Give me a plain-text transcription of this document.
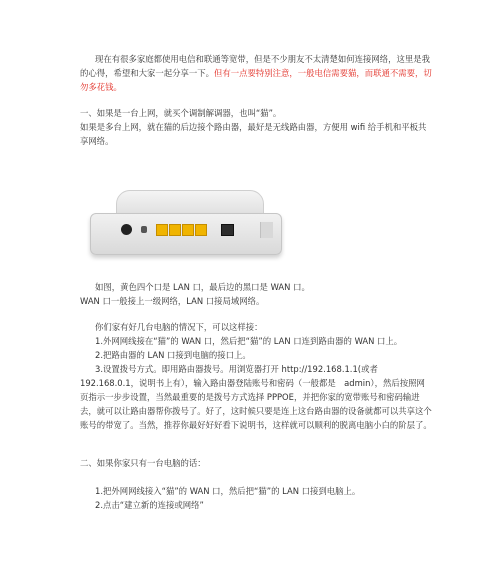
现在有很多家庭都使用电信和联通等宽带，但是不少朋友不太清楚如何连接网络，这里是我的心得，希望和大家一起分享一下。但有一点要特别注意，一般电信需要猫，而联通不需要，切勿多花钱。
一、如果是一台上网，就买个调制解调器，也叫“猫”。
如果是多台上网，就在猫的后边接个路由器，最好是无线路由器，方便用 wifi 给手机和平板共享网络。
如图，黄色四个口是 LAN 口，最后边的黑口是 WAN 口。
WAN 口一般接上一级网络，LAN 口接局域网络。
你们家有好几台电脑的情况下，可以这样接：
1.外网网线接在“猫”的 WAN 口，然后把“猫”的 LAN 口连到路由器的 WAN 口上。
2.把路由器的 LAN 口接到电脑的接口上。
3.设置拨号方式。即用路由器拨号。用浏览器打开 http://192.168.1.1(或者 192.168.0.1，说明书上有），输入路由器登陆账号和密码（一般都是　admin），然后按照网页指示一步步设置，当然最重要的是拨号方式选择 PPPOE，并把你家的宽带账号和密码输进去，就可以让路由器帮你拨号了。好了，这时候只要是连上这台路由器的设备就都可以共享这个账号的带宽了。当然，推荐你最好好好看下说明书，这样就可以顺利的脱离电脑小白的阶层了。
二、如果你家只有一台电脑的话：
1.把外网网线接入“猫”的 WAN 口，然后把“猫”的 LAN 口接到电脑上。
2.点击“建立新的连接或网络”
